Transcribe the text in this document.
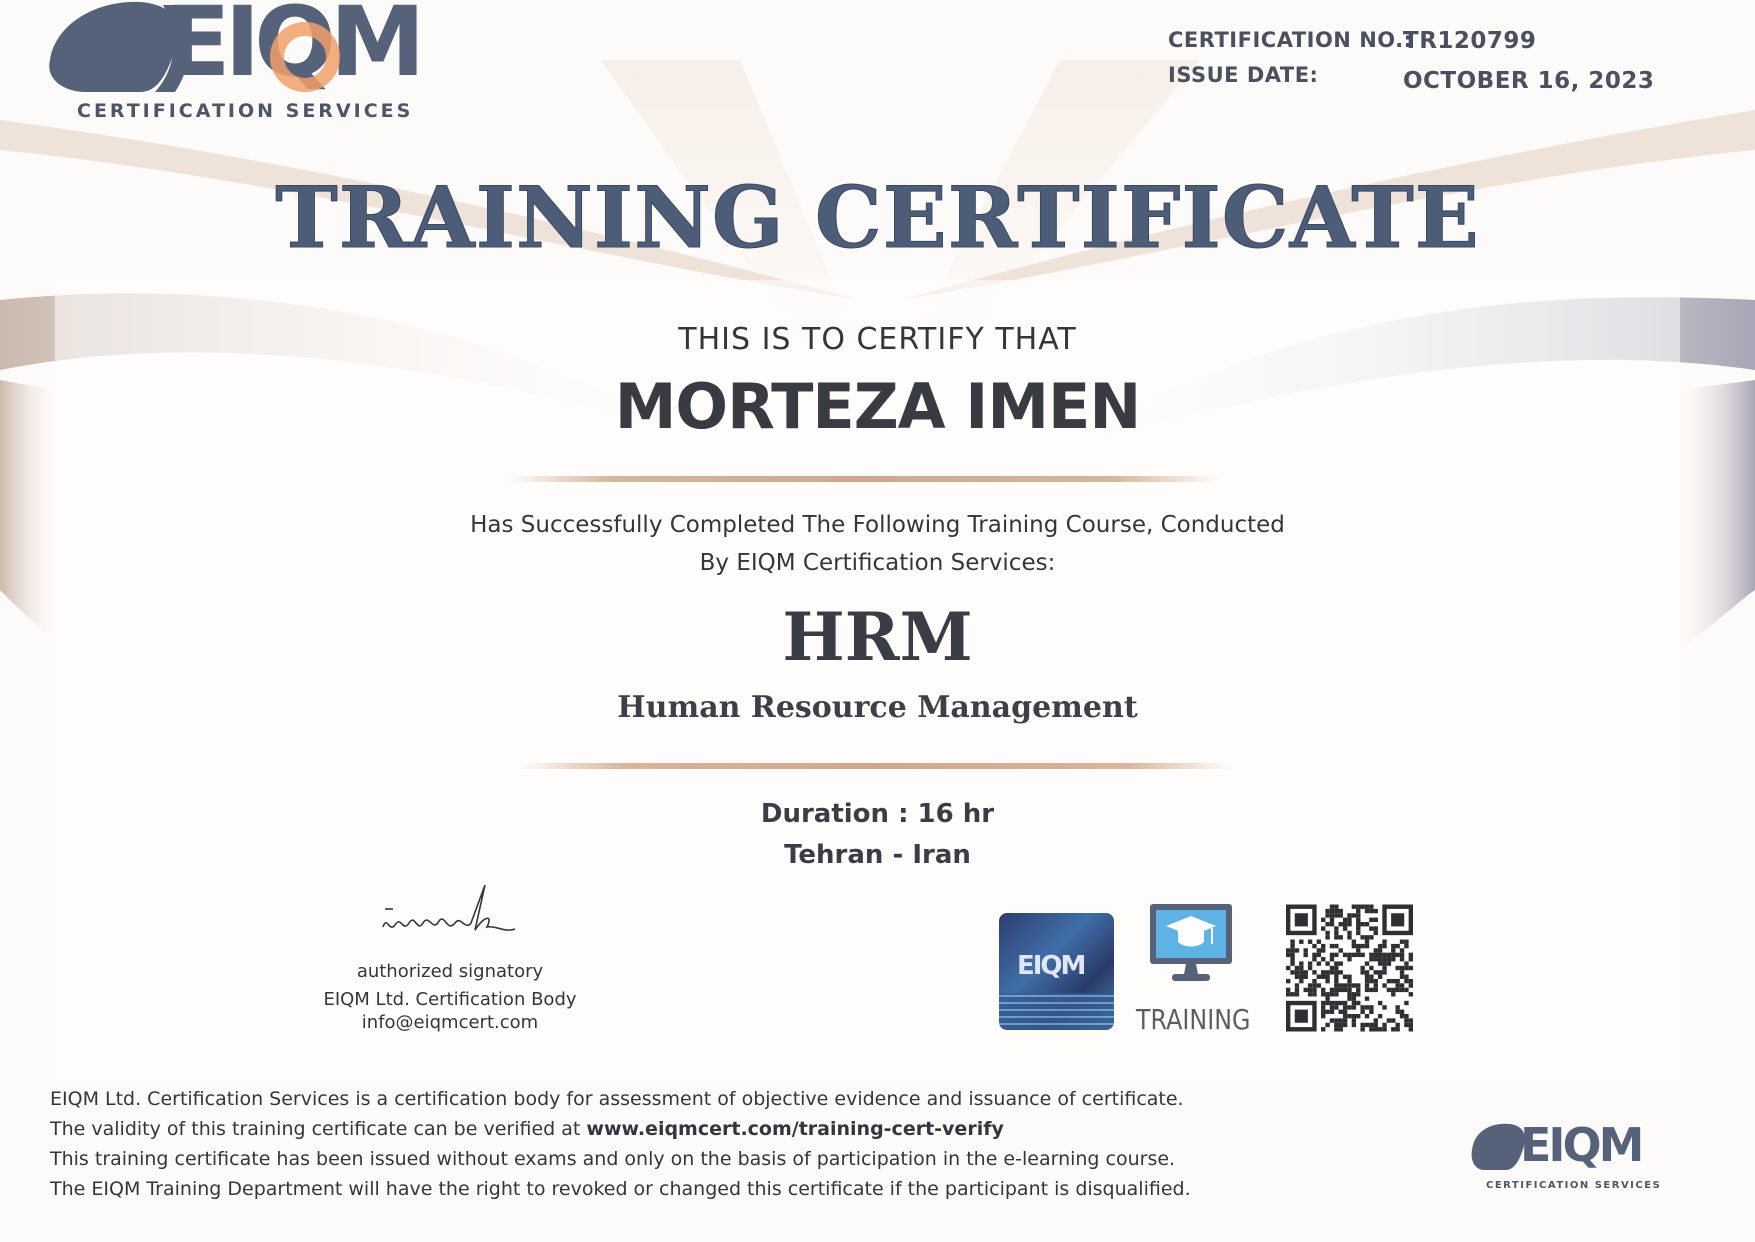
EIQM
CERTIFICATION SERVICES
CERTIFICATION NO.:
TR120799
ISSUE DATE:	OCTOBER 16, 2023
TRAINING CERTIFICATE
THIS IS TO CERTIFY THAT
MORTEZA IMEN
Has Successfully Completed The Following Training Course, Conducted
By EIQM Certification Services:
HRM
Human Resource Management
Duration : 16 hr
Tehran - Iran
authorized signatory
EIQM Ltd. Certification Body
info@eiqmcert.com
EIQM
TRAINING
EIQM Ltd. Certification Services is a certification body for assessment of objective evidence and issuance of certificate.
The validity of this training certificate can be verified at www.eiqmcert.com/training-cert-verify
This training certificate has been issued without exams and only on the basis of participation in the e-learning course.
The EIQM Training Department will have the right to revoked or changed this certificate if the participant is disqualified.
EIQM
CERTIFICATION SERVICES
